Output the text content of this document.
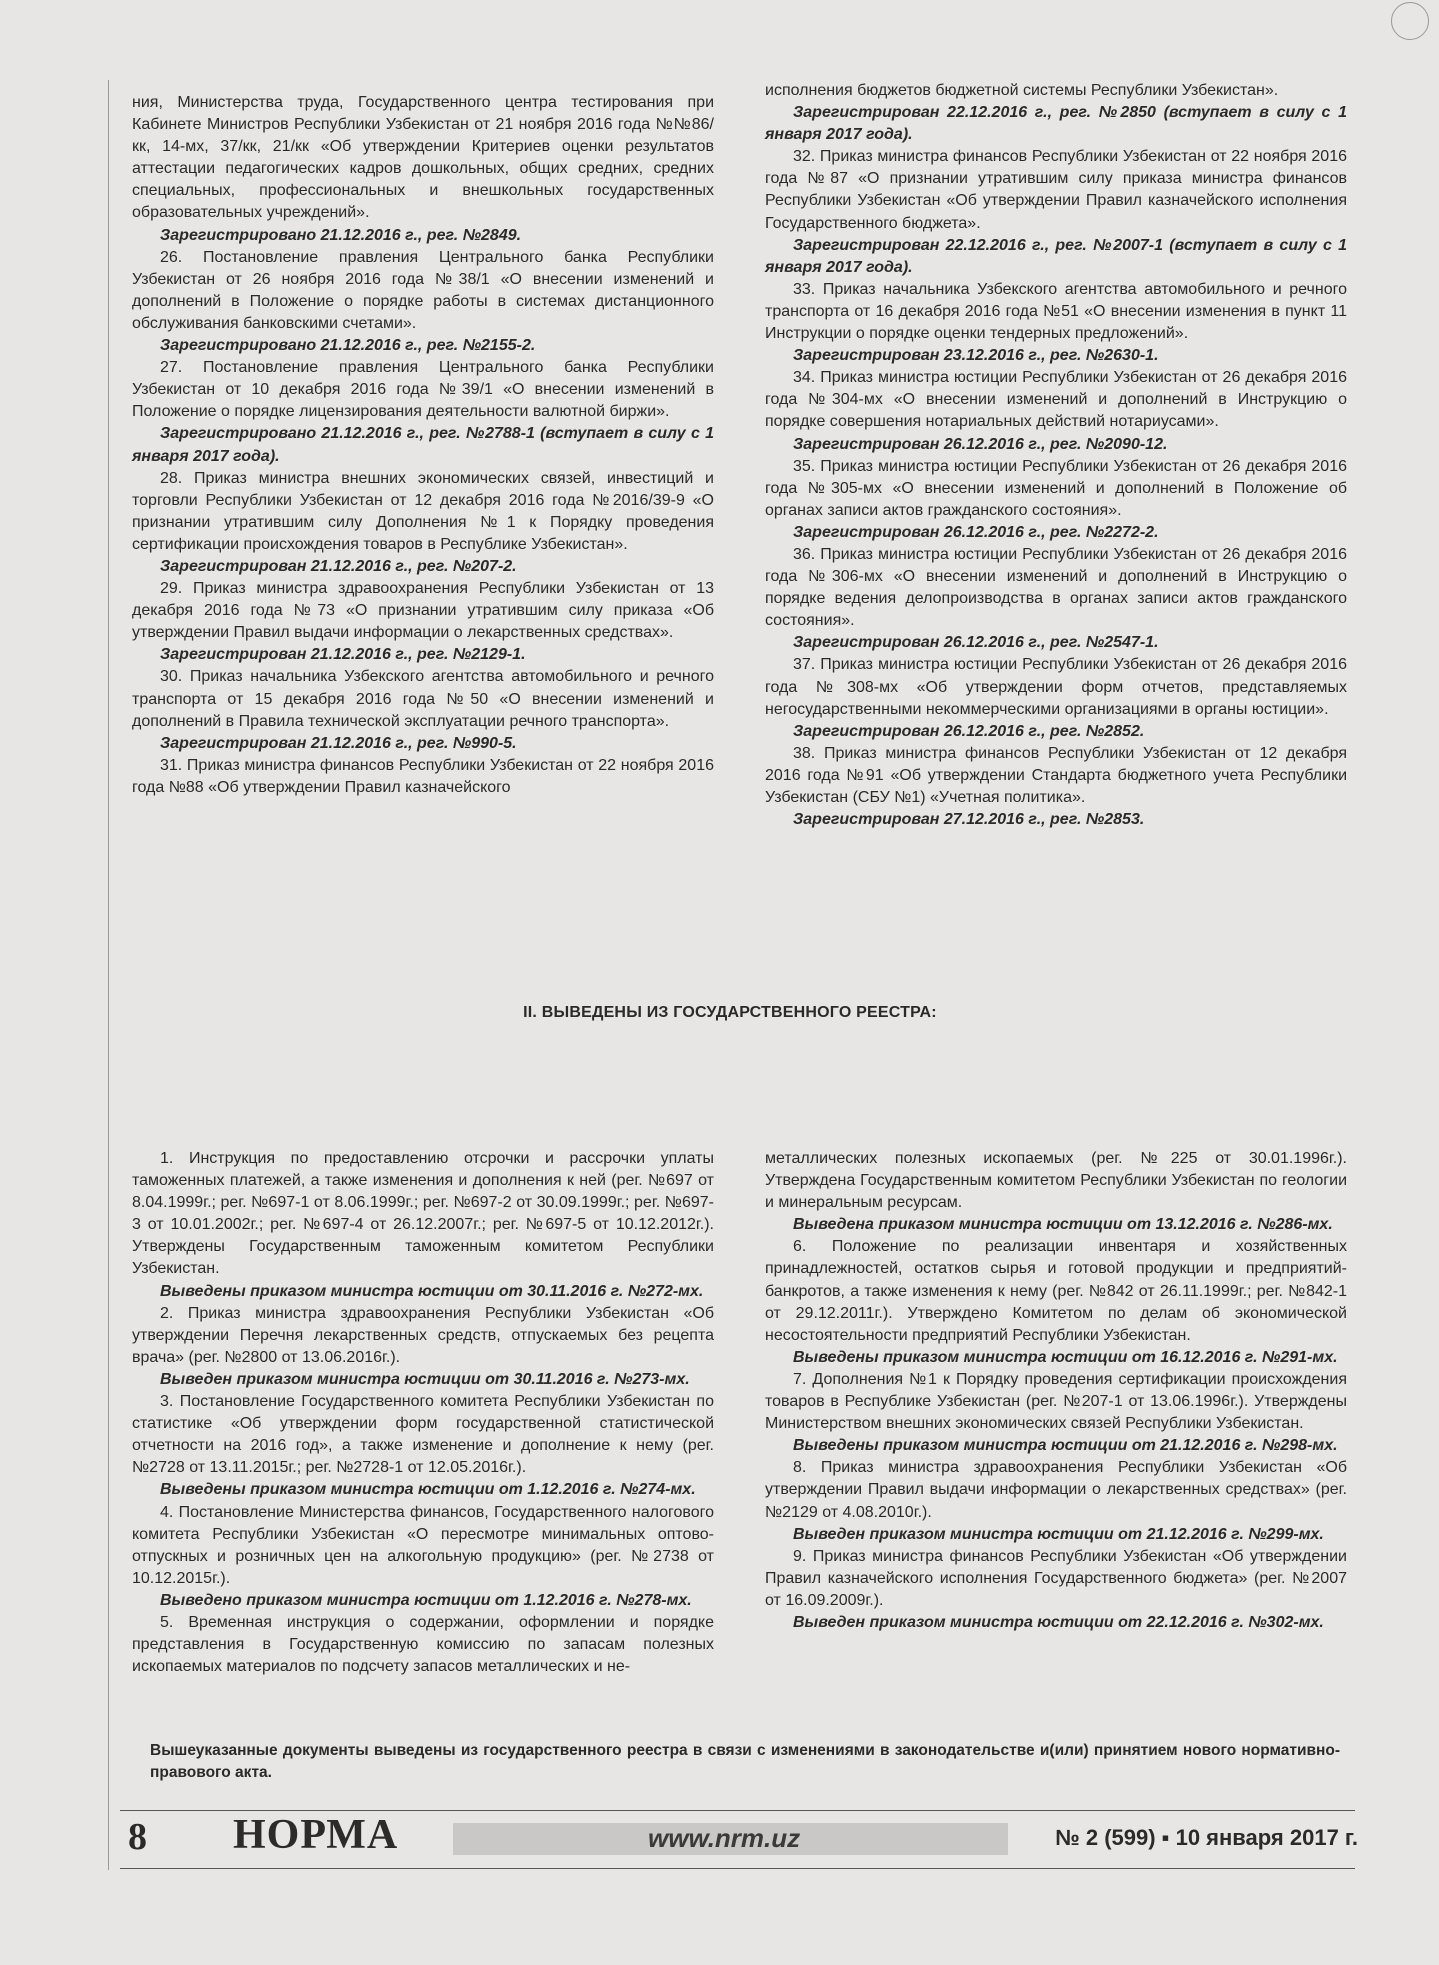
ния, Министерства труда, Государственного центра тестирования при Кабинете Министров Республики Узбекистан от 21 ноября 2016 года №№86/кк, 14-мх, 37/кк, 21/кк «Об утверждении Критериев оценки результатов аттестации педагогических кадров дошкольных, общих средних, средних специальных, профессиональных и внешкольных государственных образовательных учреждений».

Зарегистрировано 21.12.2016 г., рег. №2849.

26. Постановление правления Центрального банка Республики Узбекистан от 26 ноября 2016 года №38/1 «О внесении изменений и дополнений в Положение о порядке работы в системах дистанционного обслуживания банковскими счетами».

Зарегистрировано 21.12.2016 г., рег. №2155-2.

27. Постановление правления Центрального банка Республики Узбекистан от 10 декабря 2016 года №39/1 «О внесении изменений в Положение о порядке лицензирования деятельности валютной биржи».

Зарегистрировано 21.12.2016 г., рег. №2788-1 (вступает в силу с 1 января 2017 года).

28. Приказ министра внешних экономических связей, инвестиций и торговли Республики Узбекистан от 12 декабря 2016 года №2016/39-9 «О признании утратившим силу Дополнения №1 к Порядку проведения сертификации происхождения товаров в Республике Узбекистан».

Зарегистрирован 21.12.2016 г., рег. №207-2.

29. Приказ министра здравоохранения Республики Узбекистан от 13 декабря 2016 года №73 «О признании утратившим силу приказа «Об утверждении Правил выдачи информации о лекарственных средствах».

Зарегистрирован 21.12.2016 г., рег. №2129-1.

30. Приказ начальника Узбекского агентства автомобильного и речного транспорта от 15 декабря 2016 года №50 «О внесении изменений и дополнений в Правила технической эксплуатации речного транспорта».

Зарегистрирован 21.12.2016 г., рег. №990-5.

31. Приказ министра финансов Республики Узбекистан от 22 ноября 2016 года №88 «Об утверждении Правил казначейского

исполнения бюджетов бюджетной системы Республики Узбекистан».

Зарегистрирован 22.12.2016 г., рег. №2850 (вступает в силу с 1 января 2017 года).

32. Приказ министра финансов Республики Узбекистан от 22 ноября 2016 года №87 «О признании утратившим силу приказа министра финансов Республики Узбекистан «Об утверждении Правил казначейского исполнения Государственного бюджета».

Зарегистрирован 22.12.2016 г., рег. №2007-1 (вступает в силу с 1 января 2017 года).

33. Приказ начальника Узбекского агентства автомобильного и речного транспорта от 16 декабря 2016 года №51 «О внесении изменения в пункт 11 Инструкции о порядке оценки тендерных предложений».

Зарегистрирован 23.12.2016 г., рег. №2630-1.

34. Приказ министра юстиции Республики Узбекистан от 26 декабря 2016 года №304-мх «О внесении изменений и дополнений в Инструкцию о порядке совершения нотариальных действий нотариусами».

Зарегистрирован 26.12.2016 г., рег. №2090-12.

35. Приказ министра юстиции Республики Узбекистан от 26 декабря 2016 года №305-мх «О внесении изменений и дополнений в Положение об органах записи актов гражданского состояния».

Зарегистрирован 26.12.2016 г., рег. №2272-2.

36. Приказ министра юстиции Республики Узбекистан от 26 декабря 2016 года №306-мх «О внесении изменений и дополнений в Инструкцию о порядке ведения делопроизводства в органах записи актов гражданского состояния».

Зарегистрирован 26.12.2016 г., рег. №2547-1.

37. Приказ министра юстиции Республики Узбекистан от 26 декабря 2016 года №308-мх «Об утверждении форм отчетов, представляемых негосударственными некоммерческими организациями в органы юстиции».

Зарегистрирован 26.12.2016 г., рег. №2852.

38. Приказ министра финансов Республики Узбекистан от 12 декабря 2016 года №91 «Об утверждении Стандарта бюджетного учета Республики Узбекистан (СБУ №1) «Учетная политика».

Зарегистрирован 27.12.2016 г., рег. №2853.

II. ВЫВЕДЕНЫ ИЗ ГОСУДАРСТВЕННОГО РЕЕСТРА:

1. Инструкция по предоставлению отсрочки и рассрочки уплаты таможенных платежей, а также изменения и дополнения к ней (рег. №697 от 8.04.1999г.; рег. №697-1 от 8.06.1999г.; рег. №697-2 от 30.09.1999г.; рег. №697-3 от 10.01.2002г.; рег. №697-4 от 26.12.2007г.; рег. №697-5 от 10.12.2012г.). Утверждены Государственным таможенным комитетом Республики Узбекистан.

Выведены приказом министра юстиции от 30.11.2016 г. №272-мх.

2. Приказ министра здравоохранения Республики Узбекистан «Об утверждении Перечня лекарственных средств, отпускаемых без рецепта врача» (рег. №2800 от 13.06.2016г.).

Выведен приказом министра юстиции от 30.11.2016 г. №273-мх.

3. Постановление Государственного комитета Республики Узбекистан по статистике «Об утверждении форм государственной статистической отчетности на 2016 год», а также изменение и дополнение к нему (рег. №2728 от 13.11.2015г.; рег. №2728-1 от 12.05.2016г.).

Выведены приказом министра юстиции от 1.12.2016 г. №274-мх.

4. Постановление Министерства финансов, Государственного налогового комитета Республики Узбекистан «О пересмотре минимальных оптово-отпускных и розничных цен на алкогольную продукцию» (рег. №2738 от 10.12.2015г.).

Выведено приказом министра юстиции от 1.12.2016 г. №278-мх.

5. Временная инструкция о содержании, оформлении и порядке представления в Государственную комиссию по запасам полезных ископаемых материалов по подсчету запасов металлических и не-

металлических полезных ископаемых (рег. №225 от 30.01.1996г.). Утверждена Государственным комитетом Республики Узбекистан по геологии и минеральным ресурсам.

Выведена приказом министра юстиции от 13.12.2016 г. №286-мх.

6. Положение по реализации инвентаря и хозяйственных принадлежностей, остатков сырья и готовой продукции и предприятий-банкротов, а также изменения к нему (рег. №842 от 26.11.1999г.; рег. №842-1 от 29.12.2011г.). Утверждено Комитетом по делам об экономической несостоятельности предприятий Республики Узбекистан.

Выведены приказом министра юстиции от 16.12.2016 г. №291-мх.

7. Дополнения №1 к Порядку проведения сертификации происхождения товаров в Республике Узбекистан (рег. №207-1 от 13.06.1996г.). Утверждены Министерством внешних экономических связей Республики Узбекистан.

Выведены приказом министра юстиции от 21.12.2016 г. №298-мх.

8. Приказ министра здравоохранения Республики Узбекистан «Об утверждении Правил выдачи информации о лекарственных средствах» (рег. №2129 от 4.08.2010г.).

Выведен приказом министра юстиции от 21.12.2016 г. №299-мх.

9. Приказ министра финансов Республики Узбекистан «Об утверждении Правил казначейского исполнения Государственного бюджета» (рег. №2007 от 16.09.2009г.).

Выведен приказом министра юстиции от 22.12.2016 г. №302-мх.

Вышеуказанные документы выведены из государственного реестра в связи с изменениями в законодательстве и(или) принятием нового нормативно-правового акта.
8 НОРМА	www.nrm.uz	№ 2 (599) ▪ 10 января 2017 г.
